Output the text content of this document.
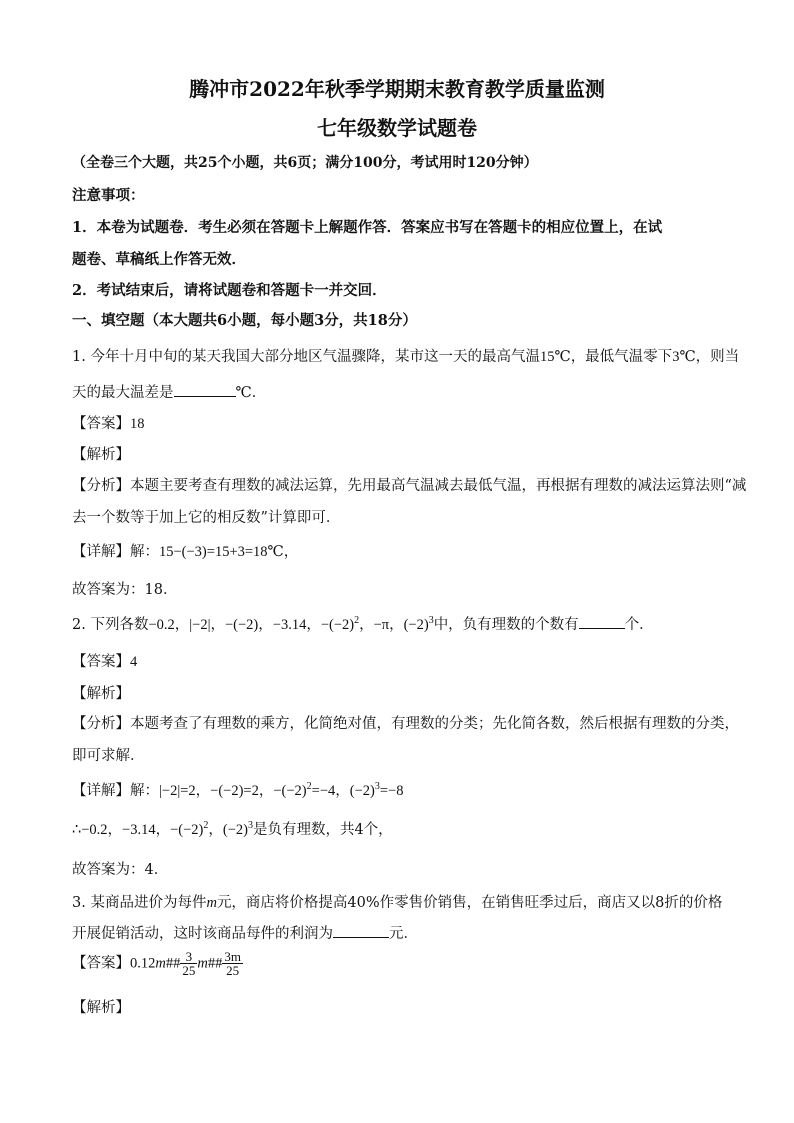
腾冲市2022年秋季学期期末教育教学质量监测
七年级数学试题卷
（全卷三个大题，共25个小题，共6页；满分100分，考试用时120分钟）
注意事项：
1．本卷为试题卷．考生必须在答题卡上解题作答．答案应书写在答题卡的相应位置上，在试
题卷、草稿纸上作答无效．
2．考试结束后，请将试题卷和答题卡一并交回．
一、填空题（本大题共6小题，每小题3分，共18分）
1. 今年十月中旬的某天我国大部分地区气温骤降，某市这一天的最高气温15℃，最低气温零下3℃，则当
天的最大温差是	℃．
【答案】18
【解析】
【分析】本题主要考查有理数的减法运算，先用最高气温减去最低气温，再根据有理数的减法运算法则“减
去一个数等于加上它的相反数”计算即可．
【详解】解：15−(−3)=15+3=18℃，
故答案为：18．
2. 下列各数−0.2，|−2|，−(−2)，−3.14，$-(-2)^2$，−π，$(-2)^3$中，负有理数的个数有	个．
【答案】4
【解析】
【分析】本题考查了有理数的乘方，化简绝对值，有理数的分类；先化简各数，然后根据有理数的分类，
即可求解．
【详解】解：|−2|=2，−(−2)=2，$-(-2)^2=-4$，$(-2)^3=-8$
∴−0.2，−3.14，$-(-2)^2$，$(-2)^3$是负有理数，共4个，
故答案为：4．
3. 某商品进价为每件m元，商店将价格提高40%作零售价销售，在销售旺季过后，商店又以8折的价格
开展促销活动，这时该商品每件的利润为	元．
【答案】0.12m## $\frac{3}{25}$ m## $\frac{3m}{25}$
【解析】
